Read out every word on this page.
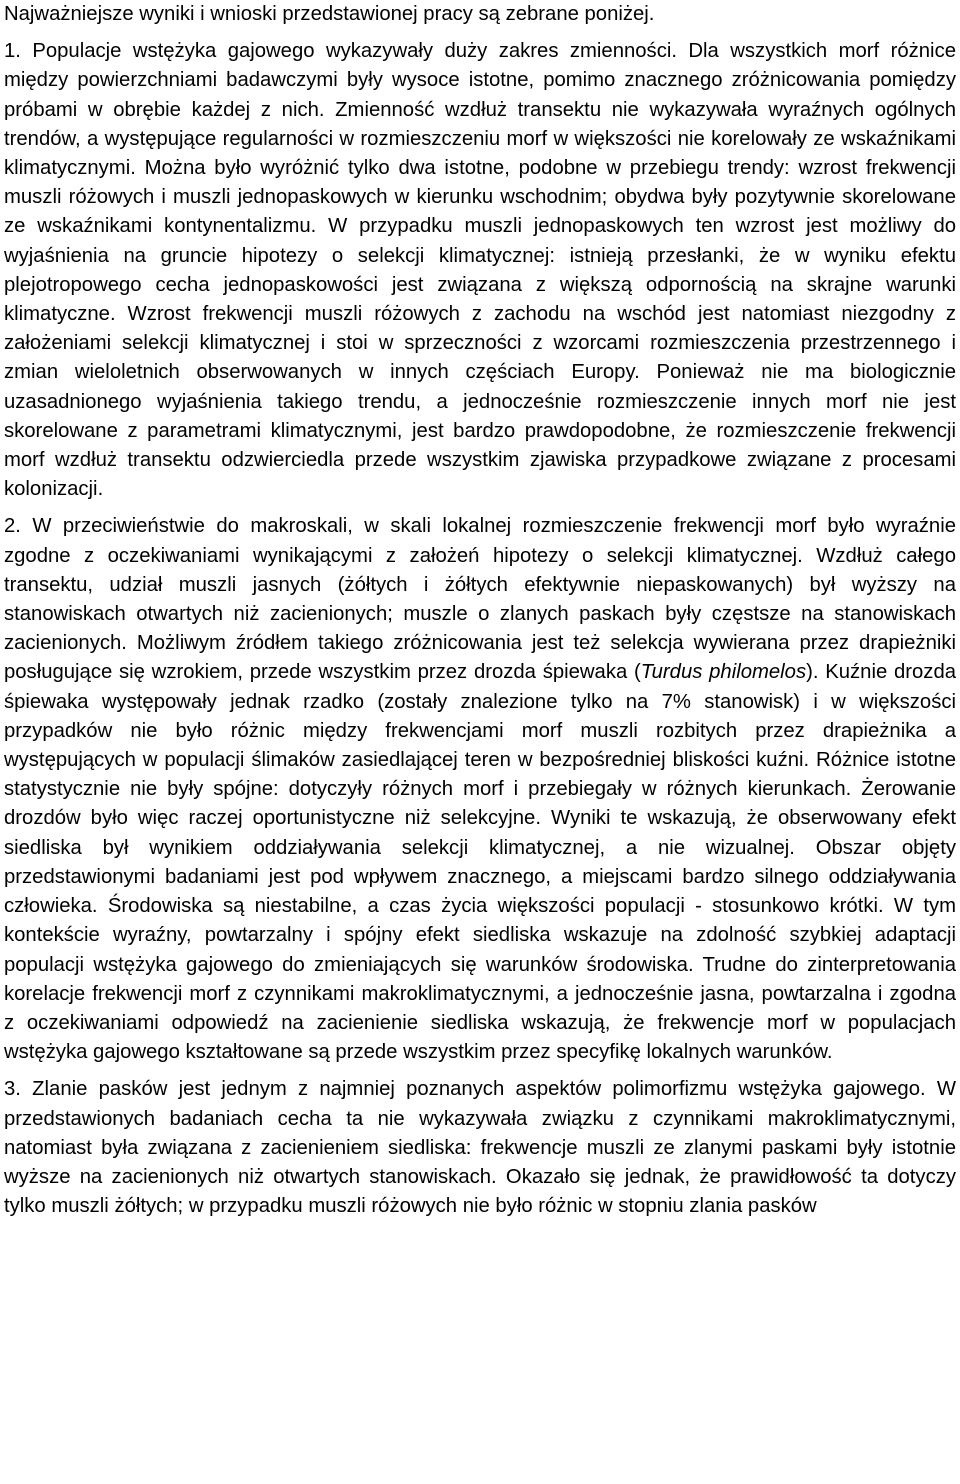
Najważniejsze wyniki i wnioski przedstawionej pracy są zebrane poniżej.

1. Populacje wstężyka gajowego wykazywały duży zakres zmienności. Dla wszystkich morf różnice między powierzchniami badawczymi były wysoce istotne, pomimo znacznego zróżnicowania pomiędzy próbami w obrębie każdej z nich. Zmienność wzdłuż transektu nie wykazywała wyraźnych ogólnych trendów, a występujące regularności w rozmieszczeniu morf w większości nie korelowały ze wskaźnikami klimatycznymi. Można było wyróżnić tylko dwa istotne, podobne w przebiegu trendy: wzrost frekwencji muszli różowych i muszli jednopaskowych w kierunku wschodnim; obydwa były pozytywnie skorelowane ze wskaźnikami kontynentalizmu. W przypadku muszli jednopaskowych ten wzrost jest możliwy do wyjaśnienia na gruncie hipotezy o selekcji klimatycznej: istnieją przesłanki, że w wyniku efektu plejotropowego cecha jednopaskowości jest związana z większą odpornością na skrajne warunki klimatyczne. Wzrost frekwencji muszli różowych z zachodu na wschód jest natomiast niezgodny z założeniami selekcji klimatycznej i stoi w sprzeczności z wzorcami rozmieszczenia przestrzennego i zmian wieloletnich obserwowanych w innych częściach Europy. Ponieważ nie ma biologicznie uzasadnionego wyjaśnienia takiego trendu, a jednocześnie rozmieszczenie innych morf nie jest skorelowane z parametrami klimatycznymi, jest bardzo prawdopodobne, że rozmieszczenie frekwencji morf wzdłuż transektu odzwierciedla przede wszystkim zjawiska przypadkowe związane z procesami kolonizacji.

2. W przeciwieństwie do makroskali, w skali lokalnej rozmieszczenie frekwencji morf było wyraźnie zgodne z oczekiwaniami wynikającymi z założeń hipotezy o selekcji klimatycznej. Wzdłuż całego transektu, udział muszli jasnych (żółtych i żółtych efektywnie niepaskowanych) był wyższy na stanowiskach otwartych niż zacienionych; muszle o zlanych paskach były częstsze na stanowiskach zacienionych. Możliwym źródłem takiego zróżnicowania jest też selekcja wywierana przez drapieżniki posługujące się wzrokiem, przede wszystkim przez drozda śpiewaka (Turdus philomelos). Kuźnie drozda śpiewaka występowały jednak rzadko (zostały znalezione tylko na 7% stanowisk) i w większości przypadków nie było różnic między frekwencjami morf muszli rozbitych przez drapieżnika a występujących w populacji ślimaków zasiedlającej teren w bezpośredniej bliskości kuźni. Różnice istotne statystycznie nie były spójne: dotyczyły różnych morf i przebiegały w różnych kierunkach. Żerowanie drozdów było więc raczej oportunistyczne niż selekcyjne. Wyniki te wskazują, że obserwowany efekt siedliska był wynikiem oddziaływania selekcji klimatycznej, a nie wizualnej. Obszar objęty przedstawionymi badaniami jest pod wpływem znacznego, a miejscami bardzo silnego oddziaływania człowieka. Środowiska są niestabilne, a czas życia większości populacji - stosunkowo krótki. W tym kontekście wyraźny, powtarzalny i spójny efekt siedliska wskazuje na zdolność szybkiej adaptacji populacji wstężyka gajowego do zmieniających się warunków środowiska. Trudne do zinterpretowania korelacje frekwencji morf z czynnikami makroklimatycznymi, a jednocześnie jasna, powtarzalna i zgodna z oczekiwaniami odpowiedź na zacienienie siedliska wskazują, że frekwencje morf w populacjach wstężyka gajowego kształtowane są przede wszystkim przez specyfikę lokalnych warunków.

3. Zlanie pasków jest jednym z najmniej poznanych aspektów polimorfizmu wstężyka gajowego. W przedstawionych badaniach cecha ta nie wykazywała związku z czynnikami makroklimatycznymi, natomiast była związana z zacienieniem siedliska: frekwencje muszli ze zlanymi paskami były istotnie wyższe na zacienionych niż otwartych stanowiskach. Okazało się jednak, że prawidłowość ta dotyczy tylko muszli żółtych; w przypadku muszli różowych nie było różnic w stopniu zlania pasków
